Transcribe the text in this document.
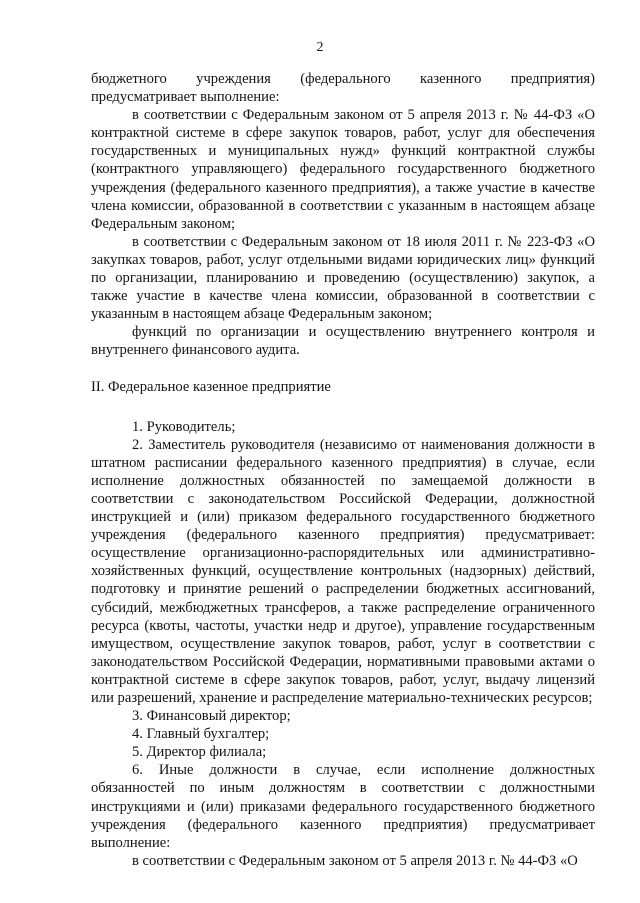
2

бюджетного учреждения (федерального казенного предприятия) предусматривает выполнение:

в соответствии с Федеральным законом от 5 апреля 2013 г. № 44-ФЗ «О контрактной системе в сфере закупок товаров, работ, услуг для обеспечения государственных и муниципальных нужд» функций контрактной службы (контрактного управляющего) федерального государственного бюджетного учреждения (федерального казенного предприятия), а также участие в качестве члена комиссии, образованной в соответствии с указанным в настоящем абзаце Федеральным законом;

в соответствии с Федеральным законом от 18 июля 2011 г. № 223-ФЗ «О закупках товаров, работ, услуг отдельными видами юридических лиц» функций по организации, планированию и проведению (осуществлению) закупок, а также участие в качестве члена комиссии, образованной в соответствии с указанным в настоящем абзаце Федеральным законом;

функций по организации и осуществлению внутреннего контроля и внутреннего финансового аудита.

II. Федеральное казенное предприятие

1. Руководитель;

2. Заместитель руководителя (независимо от наименования должности в штатном расписании федерального казенного предприятия) в случае, если исполнение должностных обязанностей по замещаемой должности в соответствии с законодательством Российской Федерации, должностной инструкцией и (или) приказом федерального государственного бюджетного учреждения (федерального казенного предприятия) предусматривает: осуществление организационно-распорядительных или административно-хозяйственных функций, осуществление контрольных (надзорных) действий, подготовку и принятие решений о распределении бюджетных ассигнований, субсидий, межбюджетных трансферов, а также распределение ограниченного ресурса (квоты, частоты, участки недр и другое), управление государственным имуществом, осуществление закупок товаров, работ, услуг в соответствии с законодательством Российской Федерации, нормативными правовыми актами о контрактной системе в сфере закупок товаров, работ, услуг, выдачу лицензий или разрешений, хранение и распределение материально-технических ресурсов;

3. Финансовый директор;

4. Главный бухгалтер;

5. Директор филиала;

6. Иные должности в случае, если исполнение должностных обязанностей по иным должностям в соответствии с должностными инструкциями и (или) приказами федерального государственного бюджетного учреждения (федерального казенного предприятия) предусматривает выполнение:

в соответствии с Федеральным законом от 5 апреля 2013 г. № 44-ФЗ «О
